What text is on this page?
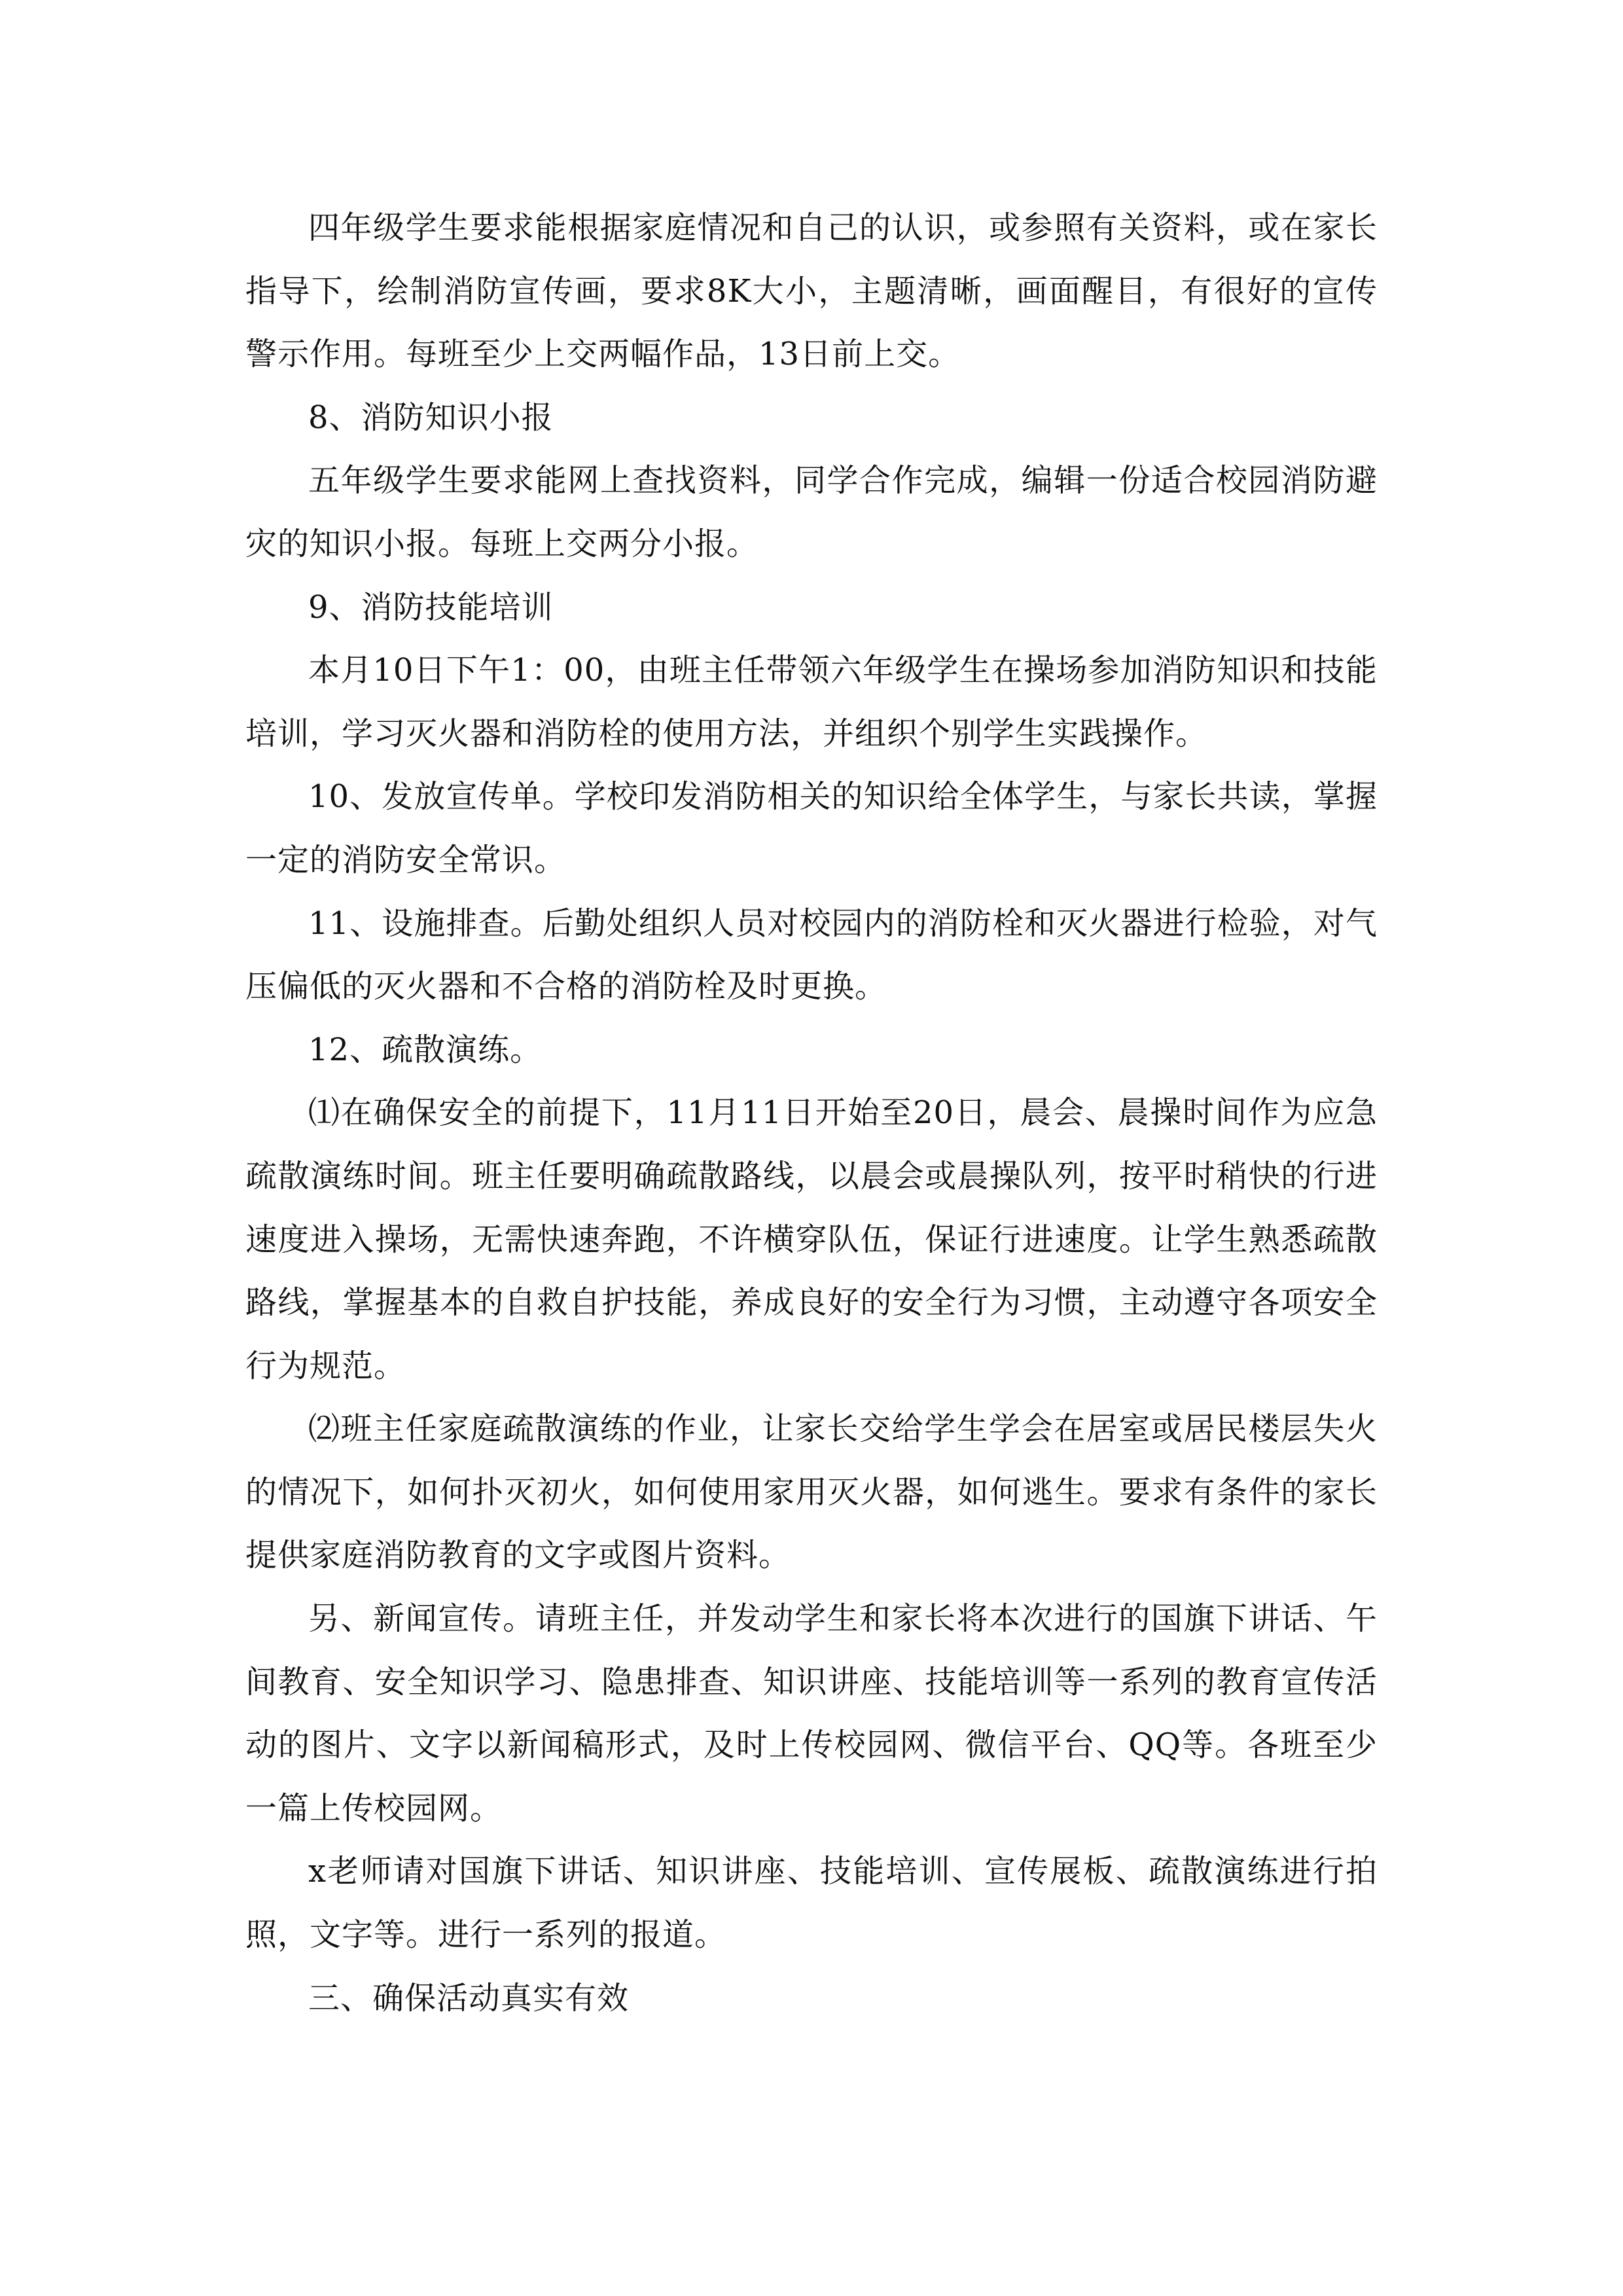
四年级学生要求能根据家庭情况和自己的认识，或参照有关资料，或在家长指导下，绘制消防宣传画，要求8K大小，主题清晰，画面醒目，有很好的宣传警示作用。每班至少上交两幅作品，13日前上交。

8、消防知识小报

五年级学生要求能网上查找资料，同学合作完成，编辑一份适合校园消防避灾的知识小报。每班上交两分小报。

9、消防技能培训

本月10日下午1：00，由班主任带领六年级学生在操场参加消防知识和技能培训，学习灭火器和消防栓的使用方法，并组织个别学生实践操作。

10、发放宣传单。学校印发消防相关的知识给全体学生，与家长共读，掌握一定的消防安全常识。

11、设施排查。后勤处组织人员对校园内的消防栓和灭火器进行检验，对气压偏低的灭火器和不合格的消防栓及时更换。

12、疏散演练。

⑴在确保安全的前提下，11月11日开始至20日，晨会、晨操时间作为应急疏散演练时间。班主任要明确疏散路线，以晨会或晨操队列，按平时稍快的行进速度进入操场，无需快速奔跑，不许横穿队伍，保证行进速度。让学生熟悉疏散路线，掌握基本的自救自护技能，养成良好的安全行为习惯，主动遵守各项安全行为规范。

⑵班主任家庭疏散演练的作业，让家长交给学生学会在居室或居民楼层失火的情况下，如何扑灭初火，如何使用家用灭火器，如何逃生。要求有条件的家长提供家庭消防教育的文字或图片资料。

另、新闻宣传。请班主任，并发动学生和家长将本次进行的国旗下讲话、午间教育、安全知识学习、隐患排查、知识讲座、技能培训等一系列的教育宣传活动的图片、文字以新闻稿形式，及时上传校园网、微信平台、QQ等。各班至少一篇上传校园网。

x老师请对国旗下讲话、知识讲座、技能培训、宣传展板、疏散演练进行拍照，文字等。进行一系列的报道。

三、确保活动真实有效
